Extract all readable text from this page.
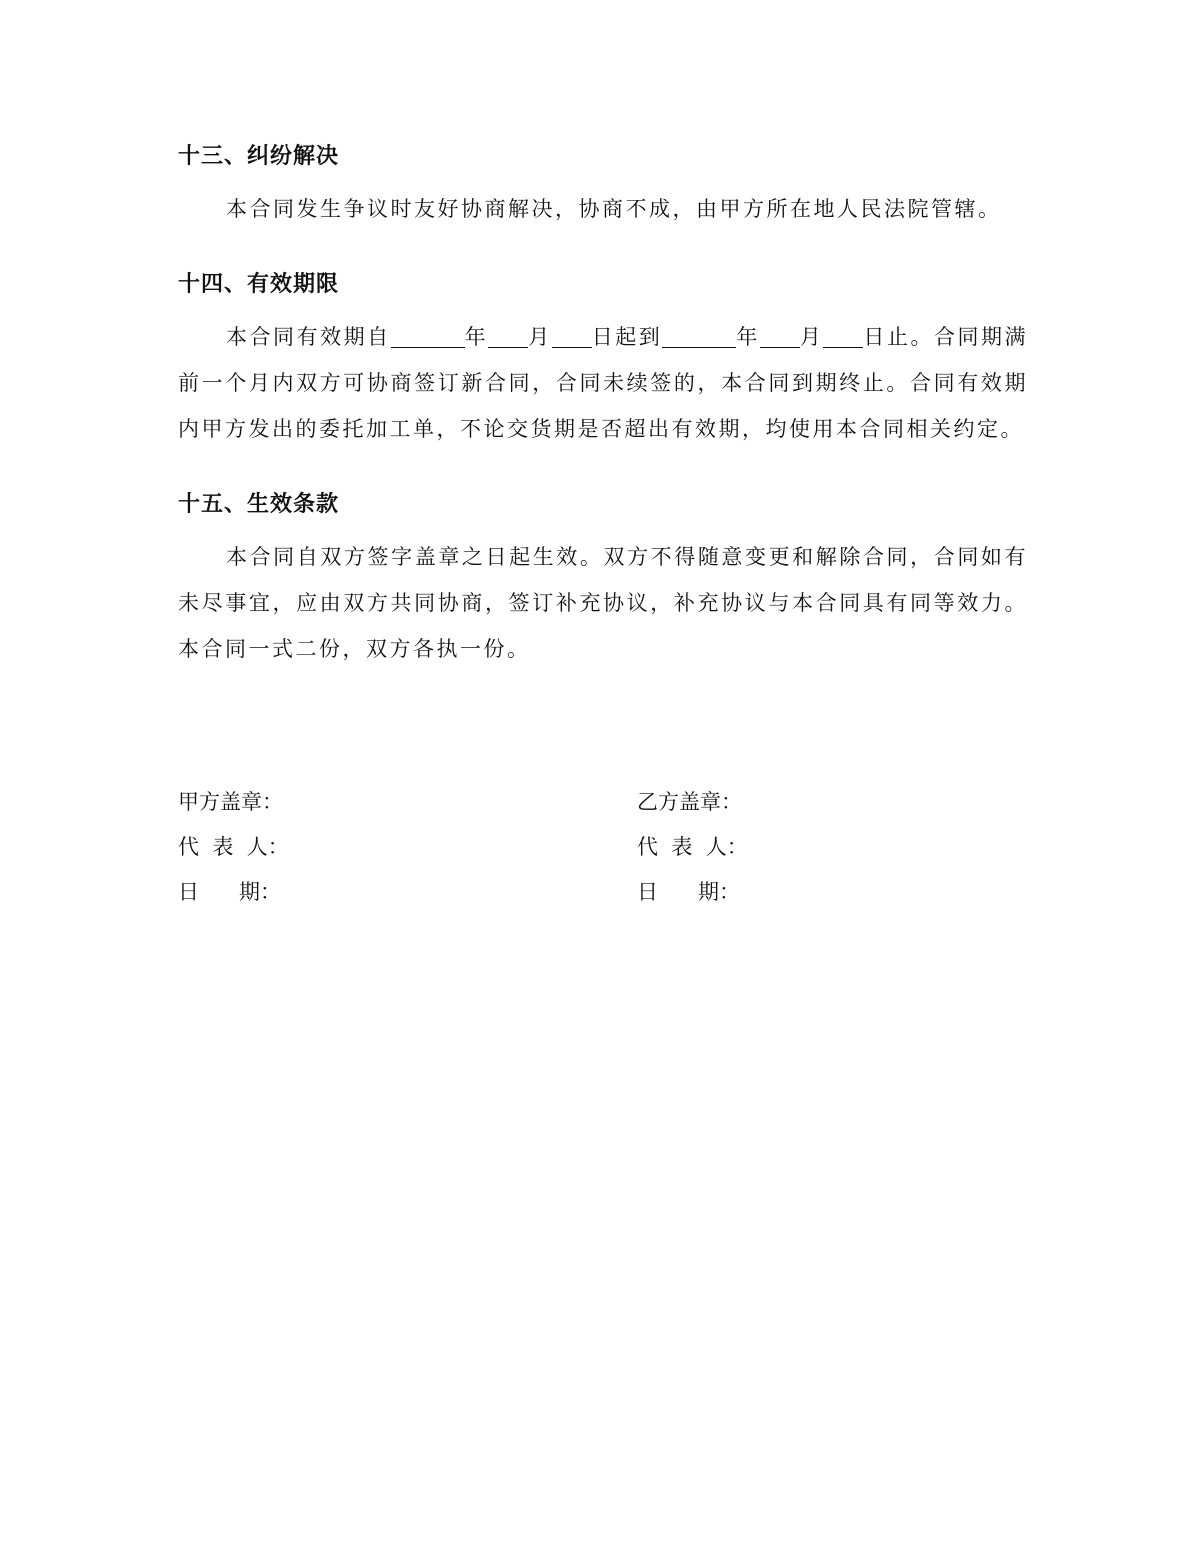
十三、纠纷解决

本合同发生争议时友好协商解决，协商不成，由甲方所在地人民法院管辖。

十四、有效期限

本合同有效期自	年 月 日起到	年 月 日止。合同期满前一个月内双方可协商签订新合同，合同未续签的，本合同到期终止。合同有效期内甲方发出的委托加工单，不论交货期是否超出有效期，均使用本合同相关约定。

十五、生效条款

本合同自双方签字盖章之日起生效。双方不得随意变更和解除合同，合同如有未尽事宜，应由双方共同协商，签订补充协议，补充协议与本合同具有同等效力。本合同一式二份，双方各执一份。

甲方盖章：
代  表  人：
日      期：
乙方盖章：
代  表  人：
日      期：
